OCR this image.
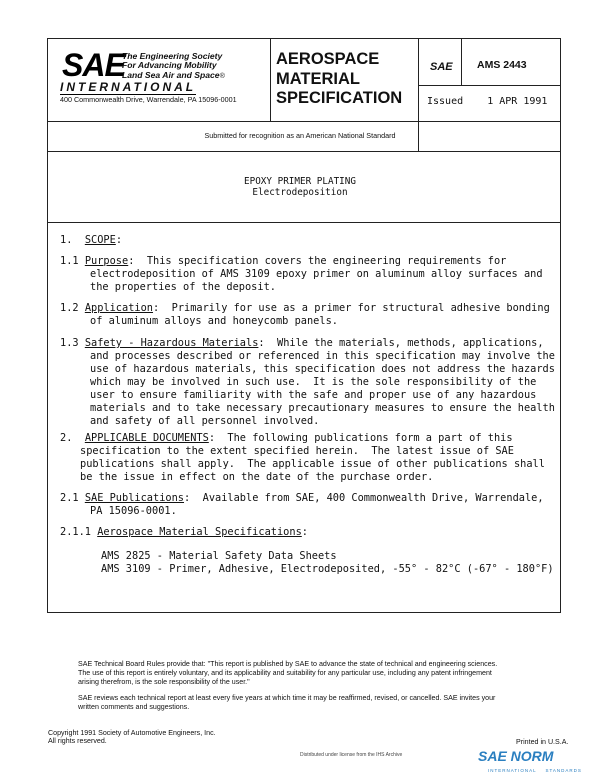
SAE
The Engineering Society
For Advancing Mobility
Land Sea Air and Space®
INTERNATIONAL
400 Commonwealth Drive, Warrendale, PA 15096-0001
AEROSPACE
MATERIAL
SPECIFICATION
SAE AMS 2443
Issued    1 APR 1991
Submitted for recognition as an American National Standard
EPOXY PRIMER PLATING
Electrodeposition
1. SCOPE:
1.1 Purpose:  This specification covers the engineering requirements for
electrodeposition of AMS 3109 epoxy primer on aluminum alloy surfaces and
the properties of the deposit.
1.2 Application:  Primarily for use as a primer for structural adhesive bonding
of aluminum alloys and honeycomb panels.
1.3 Safety - Hazardous Materials:  While the materials, methods, applications,
and processes described or referenced in this specification may involve the
use of hazardous materials, this specification does not address the hazards
which may be involved in such use.  It is the sole responsibility of the
user to ensure familiarity with the safe and proper use of any hazardous
materials and to take necessary precautionary measures to ensure the health
and safety of all personnel involved.
2. APPLICABLE DOCUMENTS:  The following publications form a part of this
specification to the extent specified herein.  The latest issue of SAE
publications shall apply.  The applicable issue of other publications shall
be the issue in effect on the date of the purchase order.
2.1 SAE Publications:  Available from SAE, 400 Commonwealth Drive, Warrendale,
PA 15096-0001.
2.1.1 Aerospace Material Specifications:
AMS 2825 - Material Safety Data Sheets
AMS 3109 - Primer, Adhesive, Electrodeposited, -55° - 82°C (-67° - 180°F)
SAE Technical Board Rules provide that: "This report is published by SAE to advance the state of technical and engineering sciences.
The use of this report is entirely voluntary, and its applicability and suitability for any particular use, including any patent infringement
arising therefrom, is the sole responsibility of the user."
SAE reviews each technical report at least every five years at which time it may be reaffirmed, revised, or cancelled. SAE invites your
written comments and suggestions.
Copyright 1991 Society of Automotive Engineers, Inc.
All rights reserved.	Printed in U.S.A.
Distributed under license from the IHS Archive	SAE NORM
INTERNATIONAL    STANDARDS
